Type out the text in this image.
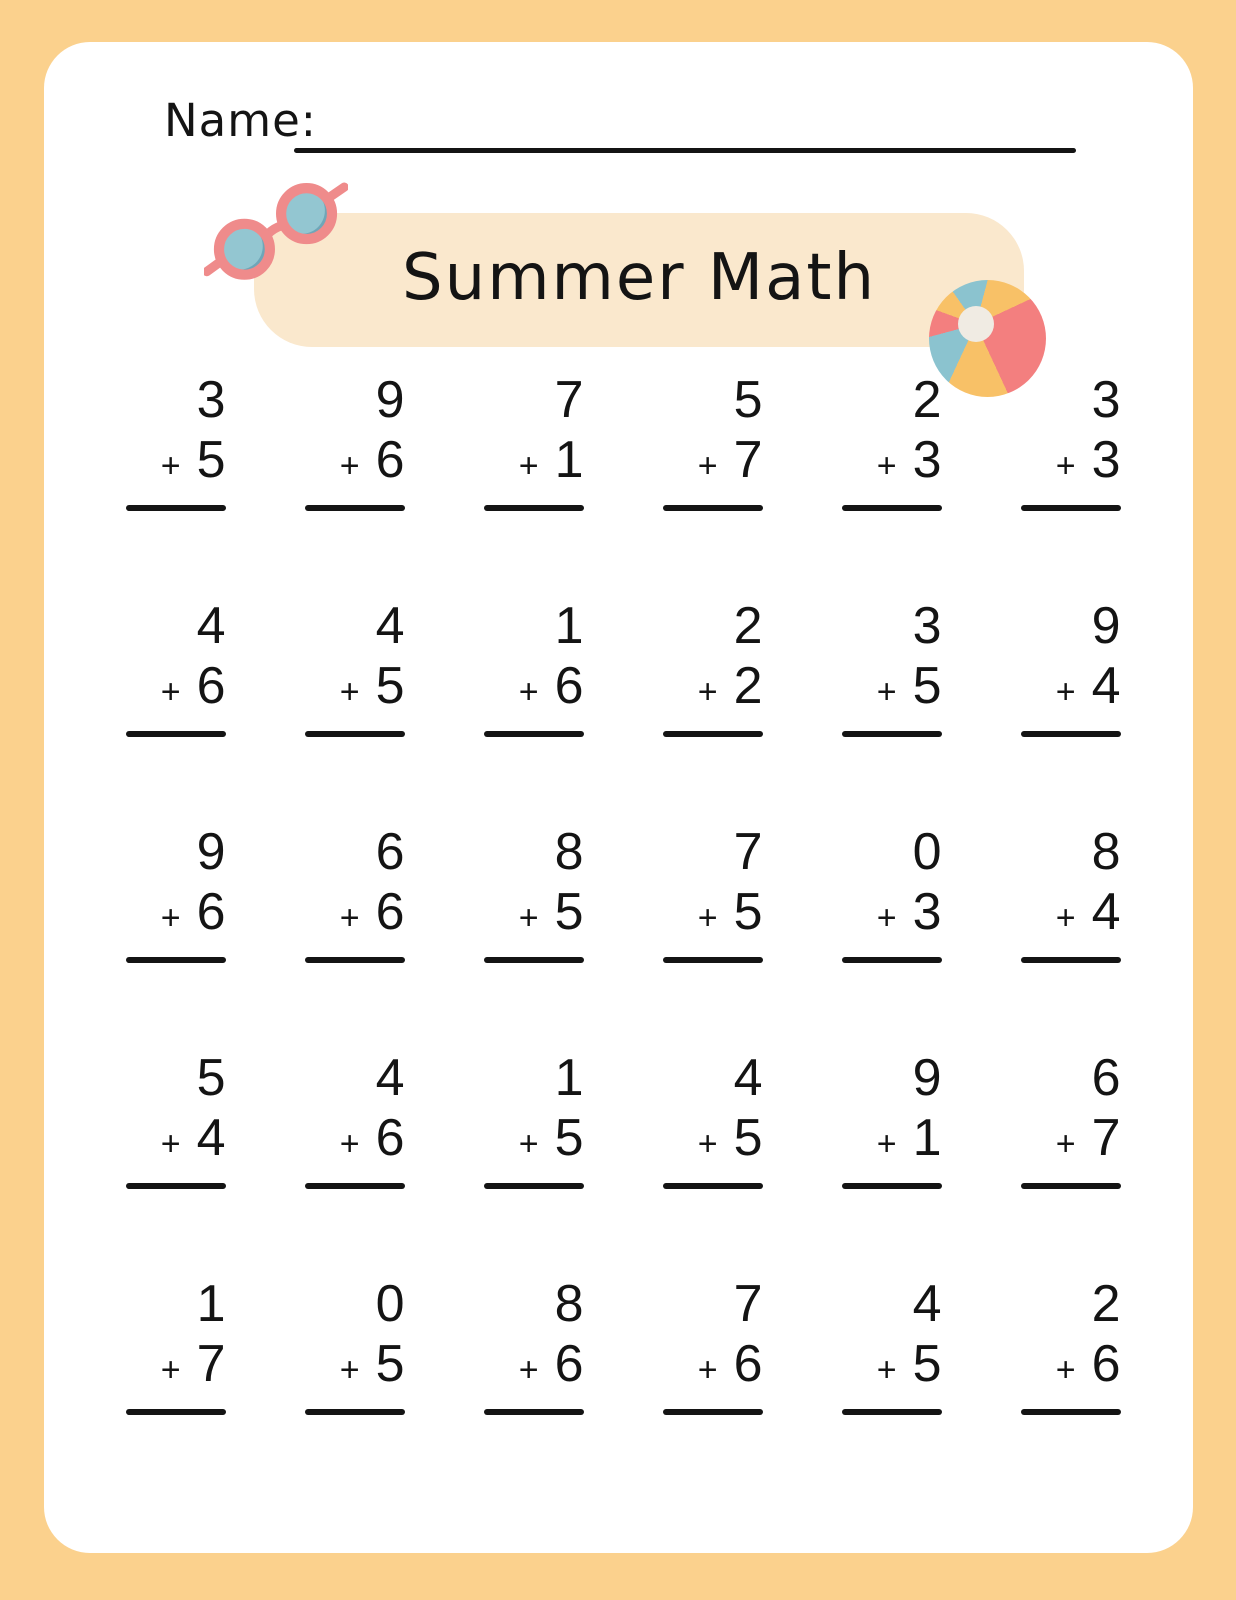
Name:
Summer Math
3
+ 5
9
+ 6
7
+ 1
5
+ 7
2
+ 3
3
+ 3
4
+ 6
4
+ 5
1
+ 6
2
+ 2
3
+ 5
9
+ 4
9
+ 6
6
+ 6
8
+ 5
7
+ 5
0
+ 3
8
+ 4
5
+ 4
4
+ 6
1
+ 5
4
+ 5
9
+ 1
6
+ 7
1
+ 7
0
+ 5
8
+ 6
7
+ 6
4
+ 5
2
+ 6
